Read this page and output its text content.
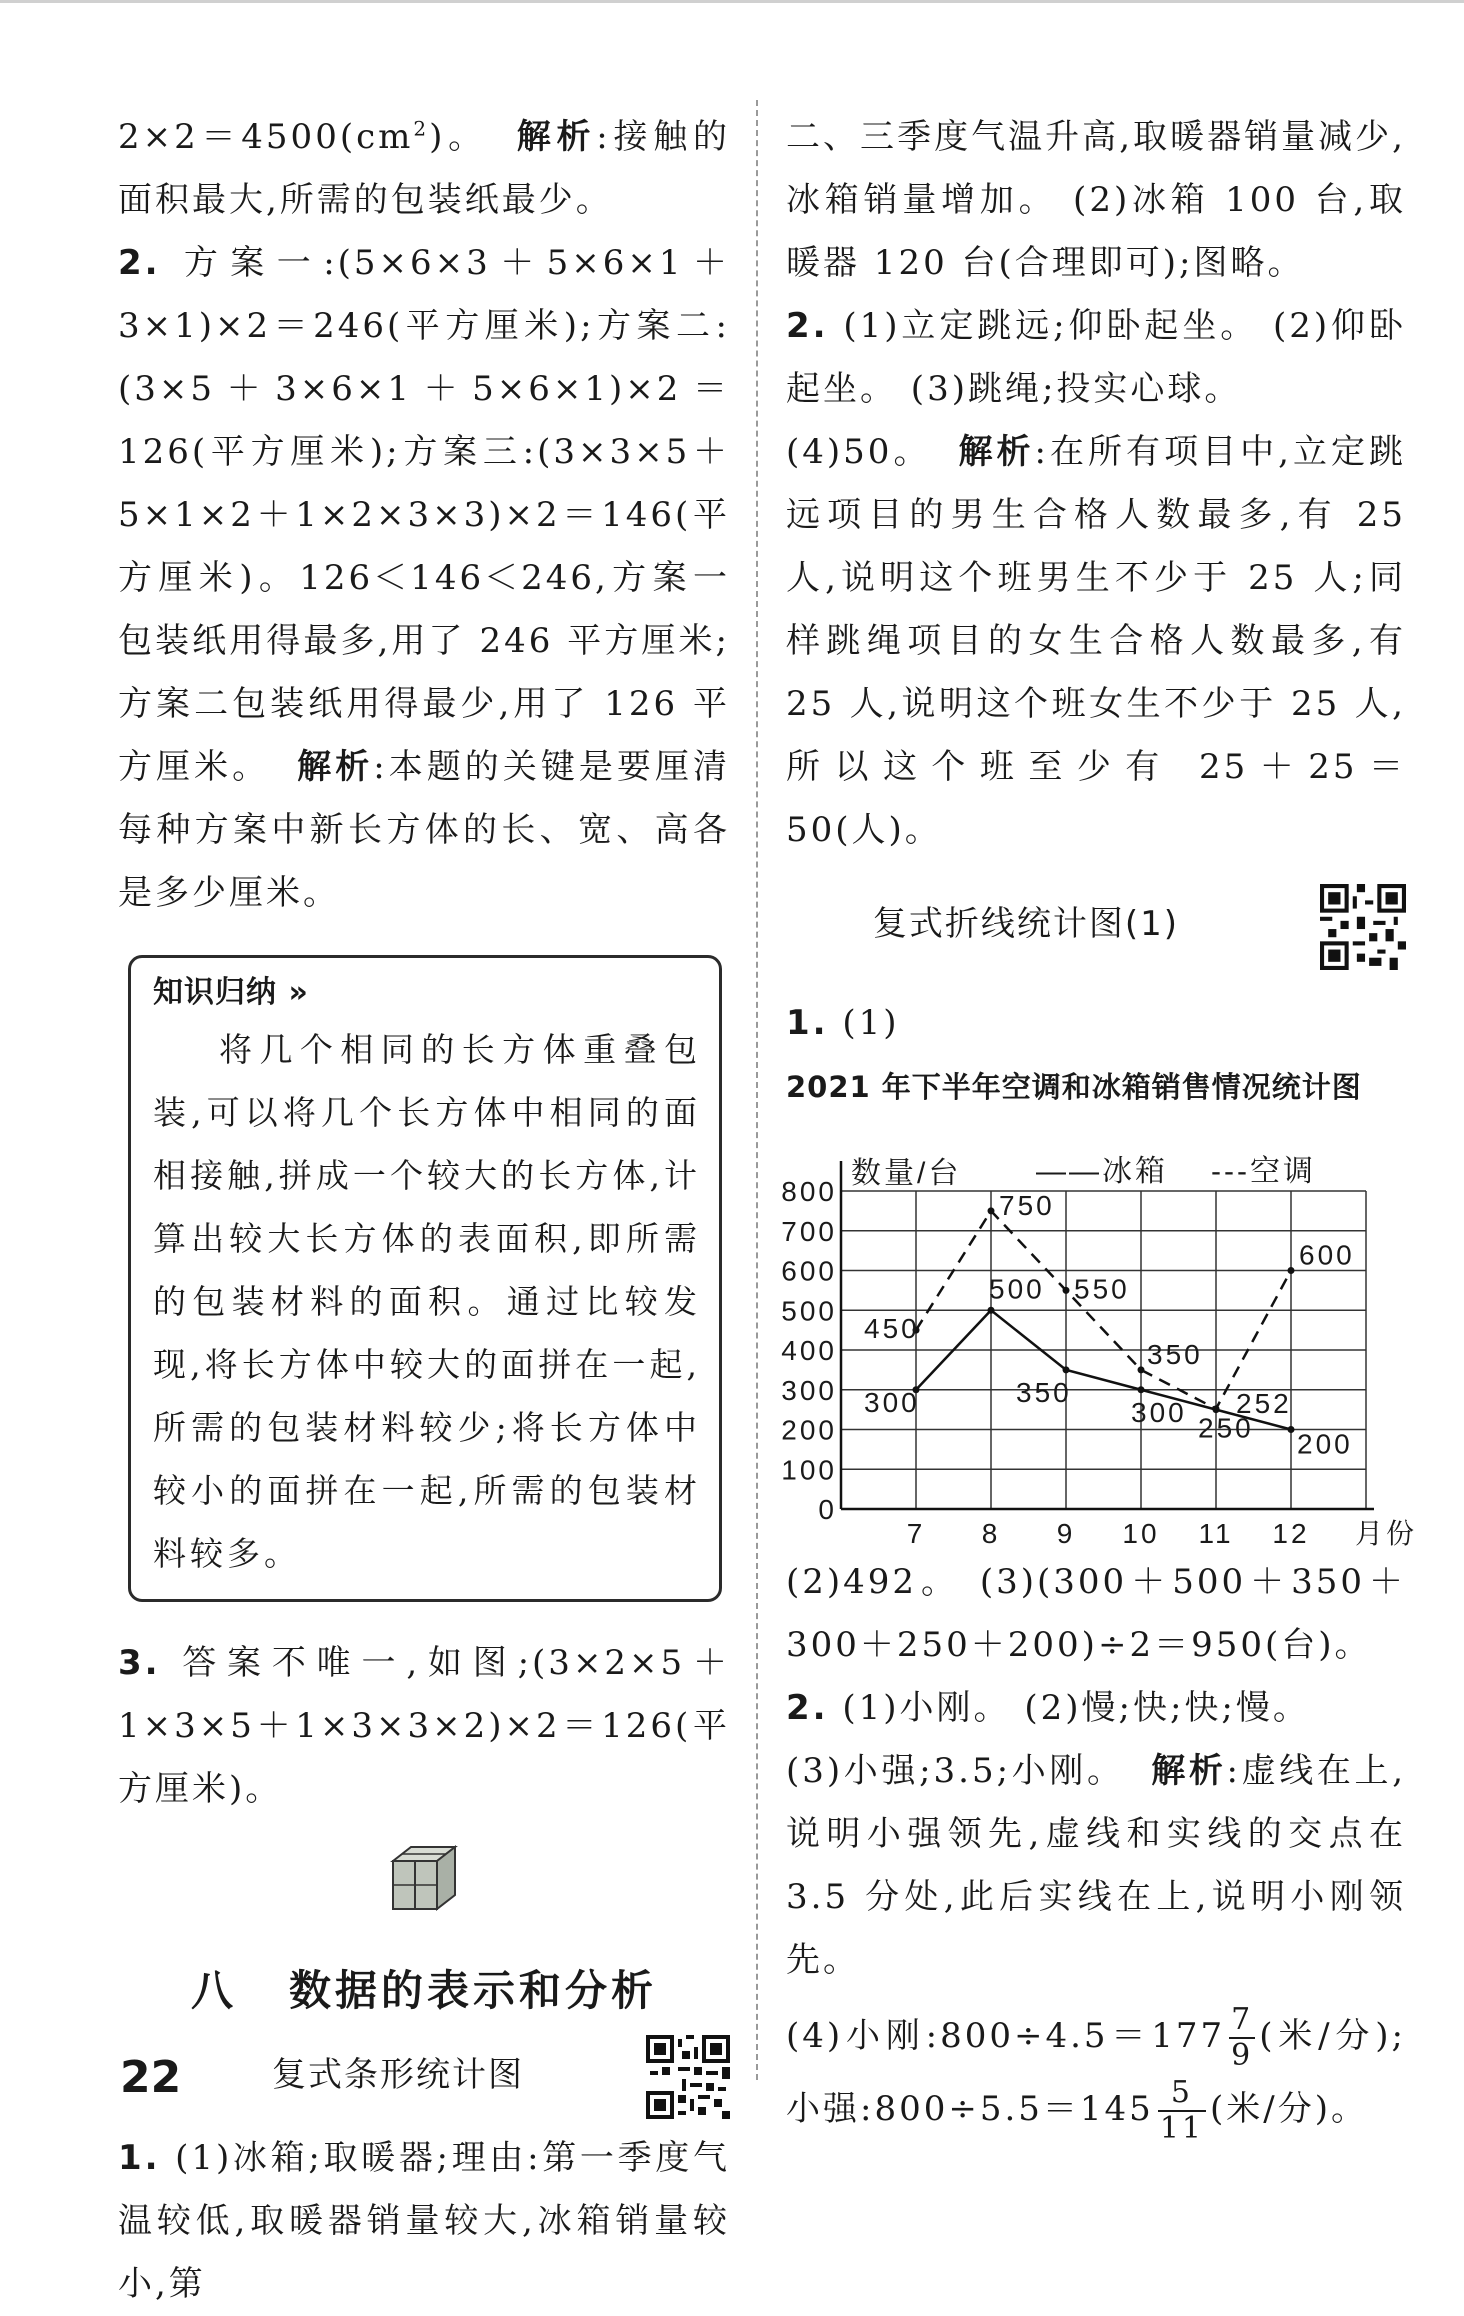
$2\times 2=4500(cm^2)$。 解析:接触的面积最大,所需的包装纸最少。

2. 方案一:(5×6×3＋5×6×1＋3×1)×2＝246(平方厘米);方案二:(3×5＋3×6×1＋5×6×1)×2＝126(平方厘米);方案三:(3×3×5＋5×1×2＋1×2×3×3)×2＝146(平方厘米)。126＜146＜246,方案一包装纸用得最多,用了 246 平方厘米;方案二包装纸用得最少,用了 126 平方厘米。 解析:本题的关键是要厘清每种方案中新长方体的长、宽、高各是多少厘米。

知识归纳 »
将几个相同的长方体重叠包装,可以将几个长方体中相同的面相接触,拼成一个较大的长方体,计算出较大长方体的表面积,即所需的包装材料的面积。通过比较发现,将长方体中较大的面拼在一起,所需的包装材料较少;将长方体中较小的面拼在一起,所需的包装材料较多。

3. 答案不唯一,如图;(3×2×5＋1×3×5＋1×3×3×2)×2＝126(平方厘米)。

八 数据的表示和分析
复式条形统计图

1. (1)冰箱;取暖器;理由:第一季度气温较低,取暖器销量较大,冰箱销量较小,第

二、三季度气温升高,取暖器销量减少,冰箱销量增加。 (2)冰箱 100 台,取暖器 120 台(合理即可);图略。

2. (1)立定跳远;仰卧起坐。 (2)仰卧起坐。 (3)跳绳;投实心球。

(4)50。 解析:在所有项目中,立定跳远项目的男生合格人数最多,有 25 人,说明这个班男生不少于 25 人;同样跳绳项目的女生合格人数最多,有 25 人,说明这个班女生不少于 25 人,所以这个班至少有 25＋25＝50(人)。

复式折线统计图(1)

1. (1)

2021 年下半年空调和冰箱销售情况统计图
0
100
200
300
400
500
600
700
800
7 8 9 10 11 12 月份
数量/台 ——冰箱 ---空调
300
500
350
300
250
200
450
750
550
350
252
600

(2)492。 (3)(300＋500＋350＋300＋250＋200)÷2＝950(台)。

2. (1)小刚。 (2)慢;快;快;慢。

(3)小强;3.5;小刚。 解析:虚线在上,说明小强领先,虚线和实线的交点在 3.5 分处,此后实线在上,说明小刚领先。

(4)小刚:800÷4.5＝177 $\frac{7}{9}$ (米/分);小强:800÷5.5＝145 $\frac{5}{11}$ (米/分)。

22
